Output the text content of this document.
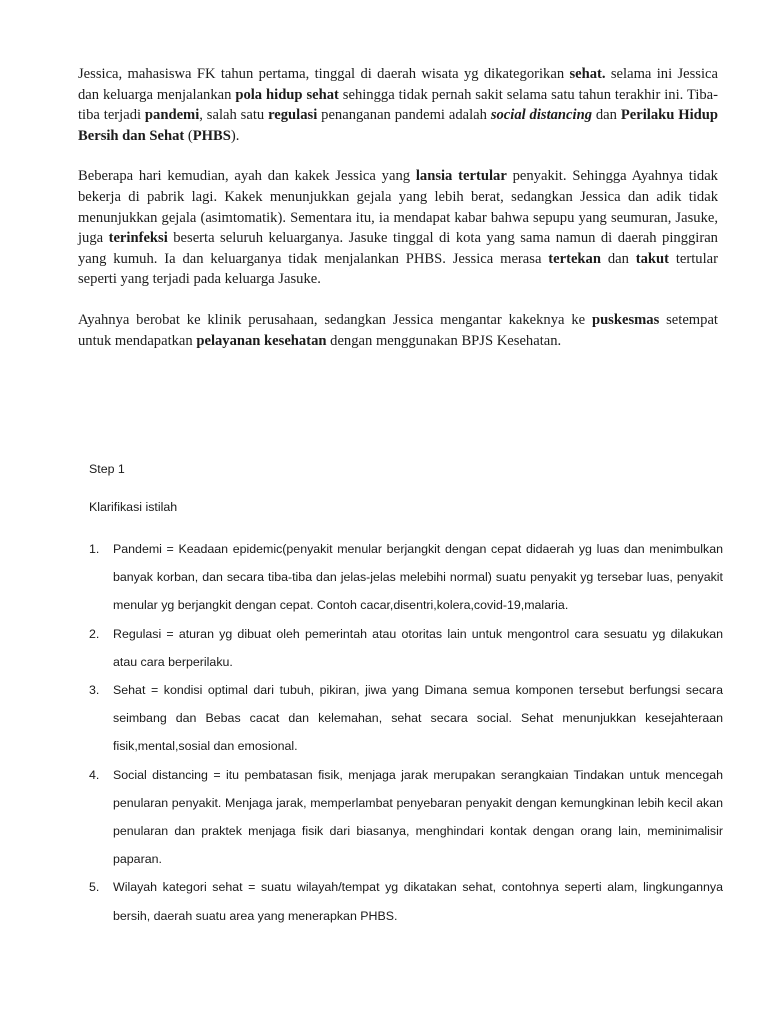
Jessica, mahasiswa FK tahun pertama, tinggal di daerah wisata yg dikategorikan sehat. selama ini Jessica dan keluarga menjalankan pola hidup sehat sehingga tidak pernah sakit selama satu tahun terakhir ini. Tiba-tiba terjadi pandemi, salah satu regulasi penanganan pandemi adalah social distancing dan Perilaku Hidup Bersih dan Sehat (PHBS).

Beberapa hari kemudian, ayah dan kakek Jessica yang lansia tertular penyakit. Sehingga Ayahnya tidak bekerja di pabrik lagi. Kakek menunjukkan gejala yang lebih berat, sedangkan Jessica dan adik tidak menunjukkan gejala (asimtomatik). Sementara itu, ia mendapat kabar bahwa sepupu yang seumuran, Jasuke, juga terinfeksi beserta seluruh keluarganya. Jasuke tinggal di kota yang sama namun di daerah pinggiran yang kumuh. Ia dan keluarganya tidak menjalankan PHBS. Jessica merasa tertekan dan takut tertular seperti yang terjadi pada keluarga Jasuke.

Ayahnya berobat ke klinik perusahaan, sedangkan Jessica mengantar kakeknya ke puskesmas setempat untuk mendapatkan pelayanan kesehatan dengan menggunakan BPJS Kesehatan.

Step 1

Klarifikasi istilah

1. Pandemi = Keadaan epidemic(penyakit menular berjangkit dengan cepat didaerah yg luas dan menimbulkan banyak korban, dan secara tiba-tiba dan jelas-jelas melebihi normal) suatu penyakit yg tersebar luas, penyakit menular yg berjangkit dengan cepat. Contoh cacar,disentri,kolera,covid-19,malaria.
2. Regulasi = aturan yg dibuat oleh pemerintah atau otoritas lain untuk mengontrol cara sesuatu yg dilakukan atau cara berperilaku.
3. Sehat = kondisi optimal dari tubuh, pikiran, jiwa yang Dimana semua komponen tersebut berfungsi secara seimbang dan Bebas cacat dan kelemahan, sehat secara social. Sehat menunjukkan kesejahteraan fisik,mental,sosial dan emosional.
4. Social distancing = itu pembatasan fisik, menjaga jarak merupakan serangkaian Tindakan untuk mencegah penularan penyakit. Menjaga jarak, memperlambat penyebaran penyakit dengan kemungkinan lebih kecil akan penularan dan praktek menjaga fisik dari biasanya, menghindari kontak dengan orang lain, meminimalisir paparan.
5. Wilayah kategori sehat = suatu wilayah/tempat yg dikatakan sehat, contohnya seperti alam, lingkungannya bersih, daerah suatu area yang menerapkan PHBS.
